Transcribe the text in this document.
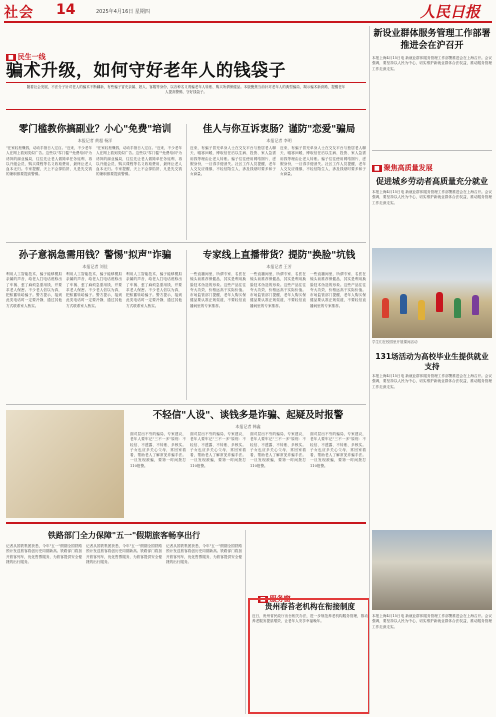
社会 14	2025年4月16日 星期四	人民日报
■ 民生一线
骗术升级，如何守好老年人的钱袋子
随着社会发展，不法分子针对老人的骗术不断翻新，有些骗子冒充亲属、熟人、客服等身份，以各种名义诱骗老年人转账、购买所谓保健品。本版聚焦当前针对老年人的典型骗局，揭示骗术新套路，提醒老年人提高警惕，守好钱袋子。
零门槛教你搞副业？小心"免费"培训
本报记者 黄超 杨洋
"在家轻松赚钱，动动手指日入过百。"近来，不少老年人在网上看到类似广告。这些以"零门槛""免费培训"为诱饵的副业骗局，往往先让老人做简单任务返利，再以升级会员、购买课程等名义收取费用，最终让老人血本无归。专家提醒，天上不会掉馅饼，凡是先交钱的兼职都要提高警惕。
"在家轻松赚钱，动动手指日入过百。"近来，不少老年人在网上看到类似广告。这些以"零门槛""免费培训"为诱饵的副业骗局，往往先让老人做简单任务返利，再以升级会员、购买课程等名义收取费用，最终让老人血本无归。专家提醒，天上不会掉馅饼，凡是先交钱的兼职都要提高警惕。
佳人与你互诉衷肠？谨防"恋爱"骗局
本报记者 李明
近来，有骗子冒充单身人士在交友平台与独居老人聊天，嘘寒问暖，博取信任后以生病、投资、家人急需用钱等理由让老人转账。骗子往往使用网络图片、虚假身份，一旦得手便消失。社区工作人员提醒，老年人交友应谨慎，不轻信陌生人，涉及钱财时要多和子女商量。
近来，有骗子冒充单身人士在交友平台与独居老人聊天，嘘寒问暖，博取信任后以生病、投资、家人急需用钱等理由让老人转账。骗子往往使用网络图片、虚假身份，一旦得手便消失。社区工作人员提醒，老年人交友应谨慎，不轻信陌生人，涉及钱财时要多和子女商量。
孙子意祸急需用钱？警惕"拟声"诈骗
本报记者 刘佳
利用人工智能技术，骗子能够模拟亲属的声音，给老人打电话谎称出了车祸、惹了麻烦急需用钱，并要求老人保密。不少老人信以为真，把积蓄转给骗子。警方提示，接到此类电话时一定要冷静，通过其他方式联系家人核实。
利用人工智能技术，骗子能够模拟亲属的声音，给老人打电话谎称出了车祸、惹了麻烦急需用钱，并要求老人保密。不少老人信以为真，把积蓄转给骗子。警方提示，接到此类电话时一定要冷静，通过其他方式联系家人核实。
利用人工智能技术，骗子能够模拟亲属的声音，给老人打电话谎称出了车祸、惹了麻烦急需用钱，并要求老人保密。不少老人信以为真，把积蓄转给骗子。警方提示，接到此类电话时一定要冷静，通过其他方式联系家人核实。
专家线上直播带货？提防"换脸"坑钱
本报记者 王芳
一些直播间里，所谓专家、名医在镜头前推荐保健品，其实是利用换脸技术伪造的形象。这些产品往往夸大功效，价格远高于实际价值。市场监管部门提醒，老年人购买保健品要认准正规渠道，不要轻信直播间里的专家推荐。
一些直播间里，所谓专家、名医在镜头前推荐保健品，其实是利用换脸技术伪造的形象。这些产品往往夸大功效，价格远高于实际价值。市场监管部门提醒，老年人购买保健品要认准正规渠道，不要轻信直播间里的专家推荐。
一些直播间里，所谓专家、名医在镜头前推荐保健品，其实是利用换脸技术伪造的形象。这些产品往往夸大功效，价格远高于实际价值。市场监管部门提醒，老年人购买保健品要认准正规渠道，不要轻信直播间里的专家推荐。
不轻信"人设"、谈钱多是诈骗、起疑及时报警
本报记者 韩鑫
面对层出不穷的骗局，专家建议，老年人要牢记"三不一多"原则：不轻信、不透露、不转账、多核实。子女也应多关心父母，常回家看看，帮助老人了解常见诈骗手法。一旦发现被骗，要第一时间拨打110报警。
面对层出不穷的骗局，专家建议，老年人要牢记"三不一多"原则：不轻信、不透露、不转账、多核实。子女也应多关心父母，常回家看看，帮助老人了解常见诈骗手法。一旦发现被骗，要第一时间拨打110报警。
面对层出不穷的骗局，专家建议，老年人要牢记"三不一多"原则：不轻信、不透露、不转账、多核实。子女也应多关心父母，常回家看看，帮助老人了解常见诈骗手法。一旦发现被骗，要第一时间拨打110报警。
面对层出不穷的骗局，专家建议，老年人要牢记"三不一多"原则：不轻信、不透露、不转账、多核实。子女也应多关心父母，常回家看看，帮助老人了解常见诈骗手法。一旦发现被骗，要第一时间拨打110报警。
铁路部门全力保障"五一"假期旅客畅享出行
记者从国铁集团获悉，今年"五一"假期全国铁路预计发送旅客将创历史同期新高。铁路部门将加开旅客列车，优化售票服务，为旅客提供安全便捷的出行服务。
记者从国铁集团获悉，今年"五一"假期全国铁路预计发送旅客将创历史同期新高。铁路部门将加开旅客列车，优化售票服务，为旅客提供安全便捷的出行服务。
记者从国铁集团获悉，今年"五一"假期全国铁路预计发送旅客将创历史同期新高。铁路部门将加开旅客列车，优化售票服务，为旅客提供安全便捷的出行服务。
■ 服务窗
贵州春苔老机构在衔接制度
近日，贵州省民政厅出台相关办法，进一步规范养老机构服务管理，推动养老服务提质增效，让老年人安享幸福晚年。
新设业群体服务管理工作部署推进会在沪召开
本报上海4月15日电 新就业群体服务管理工作部署推进会在上海召开。会议强调，要坚持以人民为中心，切实维护新就业群体合法权益，推动服务管理工作走深走实。
■ 聚焦高质量发展
促进城乡劳动者高质量充分就业
本报上海4月15日电 新就业群体服务管理工作部署推进会在上海召开。会议强调，要坚持以人民为中心，切实维护新就业群体合法权益，推动服务管理工作走深走实。
学生们在校园里开展课间活动
131场活动为高校毕业生提供就业支持
本报上海4月15日电 新就业群体服务管理工作部署推进会在上海召开。会议强调，要坚持以人民为中心，切实维护新就业群体合法权益，推动服务管理工作走深走实。
本报上海4月15日电 新就业群体服务管理工作部署推进会在上海召开。会议强调，要坚持以人民为中心，切实维护新就业群体合法权益，推动服务管理工作走深走实。
